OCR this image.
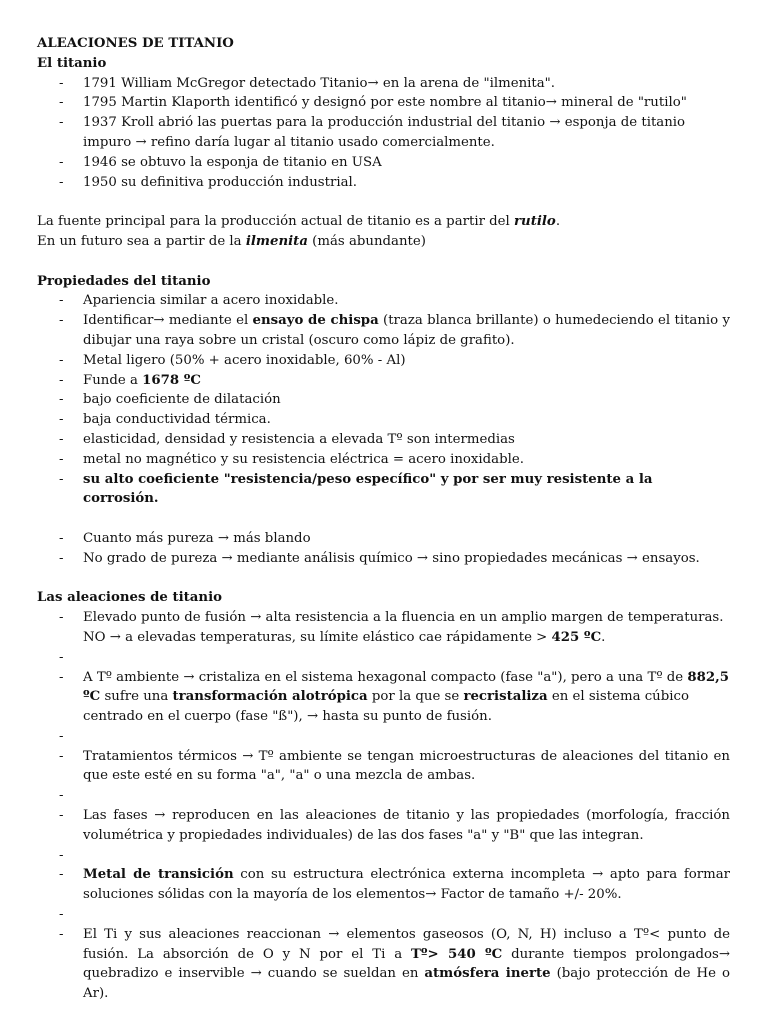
ALEACIONES DE TITANIO

El titanio

- 1791 William McGregor detectado Titanio→ en la arena de "ilmenita".
- 1795 Martin Klaporth identificó y designó por este nombre al titanio→ mineral de "rutilo"
- 1937 Kroll abrió las puertas para la producción industrial del titanio → esponja de titanio impuro → refino daría lugar al titanio usado comercialmente.
- 1946 se obtuvo la esponja de titanio en USA
- 1950 su definitiva producción industrial.

La fuente principal para la producción actual de titanio es a partir del rutilo.

En un futuro sea a partir de la ilmenita (más abundante)

Propiedades del titanio

- Apariencia similar a acero inoxidable.
- Identificar→ mediante el ensayo de chispa (traza blanca brillante) o humedeciendo el titanio y dibujar una raya sobre un cristal (oscuro como lápiz de grafito).
- Metal ligero (50% + acero inoxidable, 60% - Al)
- Funde a 1678 ºC
- bajo coeficiente de dilatación
- baja conductividad térmica.
- elasticidad, densidad y resistencia a elevada Tº son intermedias
- metal no magnético y su resistencia eléctrica = acero inoxidable.
- su alto coeficiente "resistencia/peso específico" y por ser muy resistente a la corrosión.
- Cuanto más pureza → más blando
- No grado de pureza → mediante análisis químico → sino propiedades mecánicas → ensayos.

Las aleaciones de titanio

- Elevado punto de fusión → alta resistencia a la fluencia en un amplio margen de temperaturas.
NO → a elevadas temperaturas, su límite elástico cae rápidamente > 425 ºC.
-
- A Tº ambiente → cristaliza en el sistema hexagonal compacto (fase "a"), pero a una Tº de 882,5 ºC sufre una transformación alotrópica por la que se recristaliza en el sistema cúbico centrado en el cuerpo (fase "ß"), → hasta su punto de fusión.
-
- Tratamientos térmicos → Tº ambiente se tengan microestructuras de aleaciones del titanio en que este esté en su forma "a", "a" o una mezcla de ambas.
-
- Las fases → reproducen en las aleaciones de titanio y las propiedades (morfología, fracción volumétrica y propiedades individuales) de las dos fases "a" y "B" que las integran.
-
- Metal de transición con su estructura electrónica externa incompleta → apto para formar soluciones sólidas con la mayoría de los elementos→ Factor de tamaño +/- 20%.
-
- El Ti y sus aleaciones reaccionan → elementos gaseosos (O, N, H) incluso a Tº< punto de fusión. La absorción de O y N por el Ti a Tº> 540 ºC durante tiempos prolongados→ quebradizo e inservible → cuando se sueldan en atmósfera inerte (bajo protección de He o Ar).
